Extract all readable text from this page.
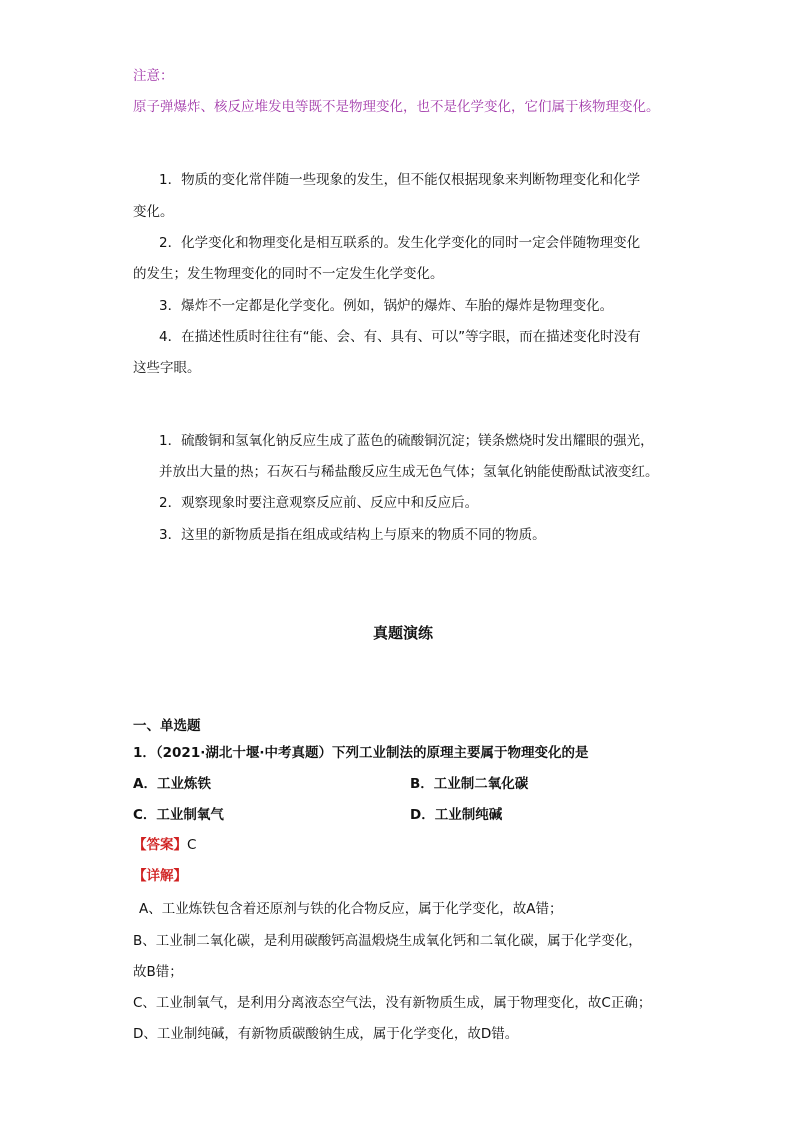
注意：
原子弹爆炸、核反应堆发电等既不是物理变化，也不是化学变化，它们属于核物理变化。
1．物质的变化常伴随一些现象的发生，但不能仅根据现象来判断物理变化和化学
变化。
2．化学变化和物理变化是相互联系的。发生化学变化的同时一定会伴随物理变化
的发生；发生物理变化的同时不一定发生化学变化。
3．爆炸不一定都是化学变化。例如，锅炉的爆炸、车胎的爆炸是物理变化。
4．在描述性质时往往有“能、会、有、具有、可以”等字眼，而在描述变化时没有
这些字眼。
1．硫酸铜和氢氧化钠反应生成了蓝色的硫酸铜沉淀；镁条燃烧时发出耀眼的强光，
并放出大量的热；石灰石与稀盐酸反应生成无色气体；氢氧化钠能使酚酞试液变红。
2．观察现象时要注意观察反应前、反应中和反应后。
3．这里的新物质是指在组成或结构上与原来的物质不同的物质。
真题演练
一、单选题
1．（2021·湖北十堰·中考真题）下列工业制法的原理主要属于物理变化的是
A．工业炼铁	B．工业制二氧化碳
C．工业制氧气	D．工业制纯碱
【答案】C
【详解】
A、工业炼铁包含着还原剂与铁的化合物反应，属于化学变化，故A错；
B、工业制二氧化碳，是利用碳酸钙高温煅烧生成氧化钙和二氧化碳，属于化学变化，
故B错；
C、工业制氧气，是利用分离液态空气法，没有新物质生成，属于物理变化，故C正确；
D、工业制纯碱，有新物质碳酸钠生成，属于化学变化，故D错。
